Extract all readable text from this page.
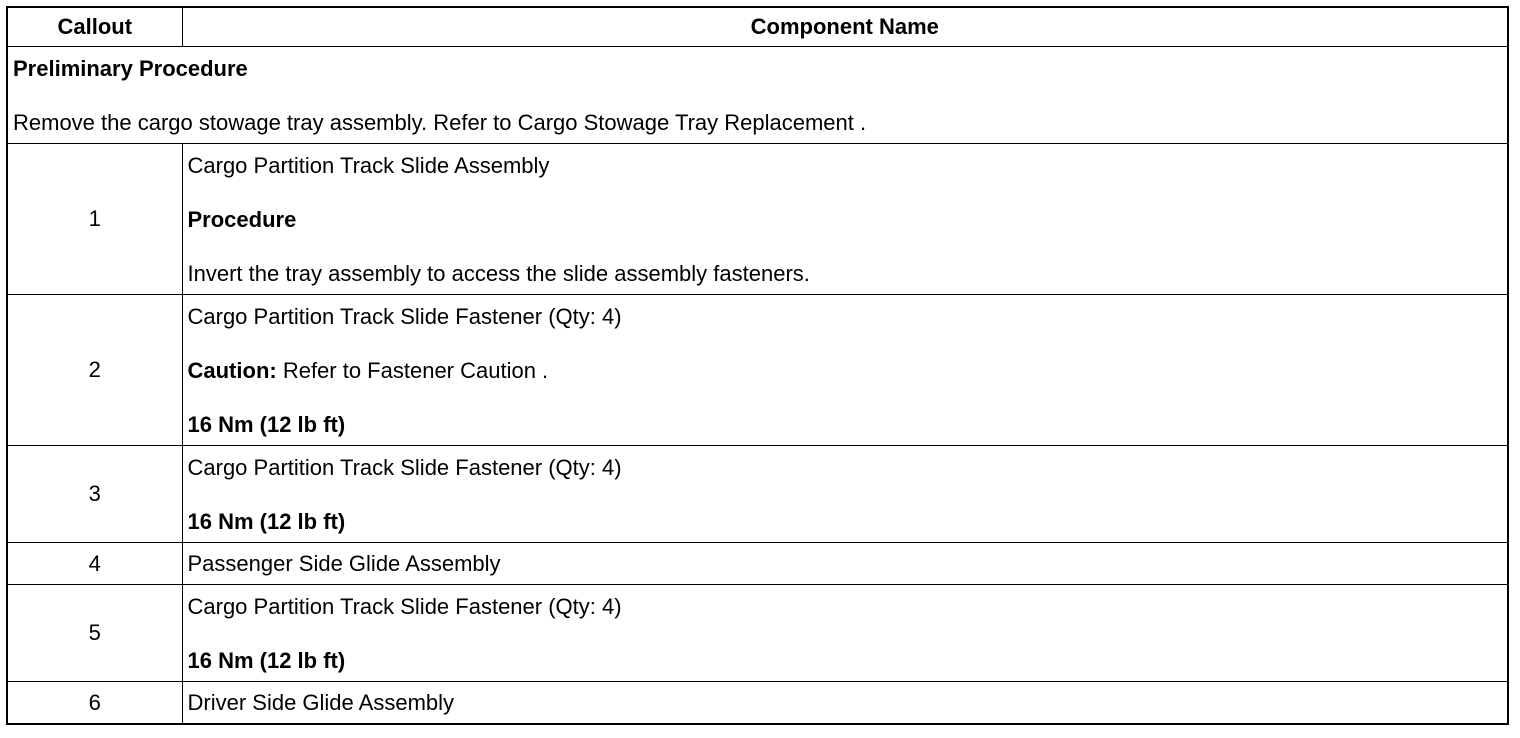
Callout	Component Name

Preliminary Procedure

Remove the cargo stowage tray assembly. Refer to Cargo Stowage Tray Replacement .	

1	Cargo Partition Track Slide Assembly

Procedure

Invert the tray assembly to access the slide assembly fasteners.

2	Cargo Partition Track Slide Fastener (Qty: 4)

Caution: Refer to Fastener Caution .

16 Nm (12 lb ft)

3	Cargo Partition Track Slide Fastener (Qty: 4)

16 Nm (12 lb ft)

4	Passenger Side Glide Assembly

5	Cargo Partition Track Slide Fastener (Qty: 4)

16 Nm (12 lb ft)

6	Driver Side Glide Assembly
